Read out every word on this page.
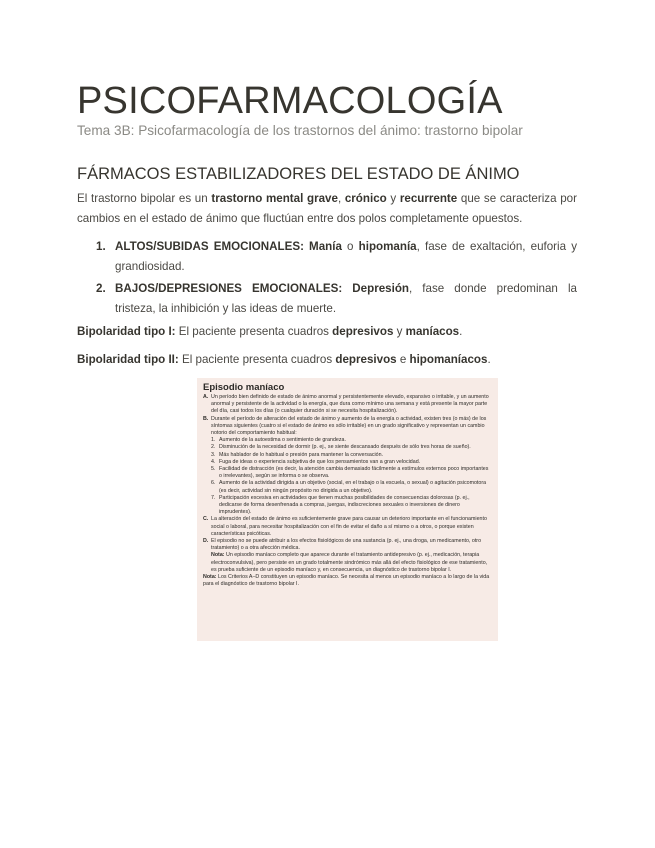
PSICOFARMACOLOGÍA

Tema 3B: Psicofarmacología de los trastornos del ánimo: trastorno bipolar

FÁRMACOS ESTABILIZADORES DEL ESTADO DE ÁNIMO

El trastorno bipolar es un trastorno mental grave, crónico y recurrente que se caracteriza por cambios en el estado de ánimo que fluctúan entre dos polos completamente opuestos.

1. ALTOS/SUBIDAS EMOCIONALES: Manía o hipomanía, fase de exaltación, euforia y grandiosidad.
2. BAJOS/DEPRESIONES EMOCIONALES: Depresión, fase donde predominan la tristeza, la inhibición y las ideas de muerte.

Bipolaridad tipo I: El paciente presenta cuadros depresivos y maníacos.

Bipolaridad tipo II: El paciente presenta cuadros depresivos e hipomaníacos.

Episodio maníaco

A. Un período bien definido de estado de ánimo anormal y persistentemente elevado, expansivo o irritable, y un aumento anormal y persistente de la actividad o la energía, que dura como mínimo una semana y está presente la mayor parte del día, casi todos los días (o cualquier duración si se necesita hospitalización).

B. Durante el período de alteración del estado de ánimo y aumento de la energía o actividad, existen tres (o más) de los síntomas siguientes (cuatro si el estado de ánimo es sólo irritable) en un grado significativo y representan un cambio notorio del comportamiento habitual:

1. Aumento de la autoestima o sentimiento de grandeza.

2. Disminución de la necesidad de dormir (p. ej., se siente descansado después de sólo tres horas de sueño).

3. Más hablador de lo habitual o presión para mantener la conversación.

4. Fuga de ideas o experiencia subjetiva de que los pensamientos van a gran velocidad.

5. Facilidad de distracción (es decir, la atención cambia demasiado fácilmente a estímulos externos poco importantes o irrelevantes), según se informa o se observa.

6. Aumento de la actividad dirigida a un objetivo (social, en el trabajo o la escuela, o sexual) o agitación psicomotora (es decir, actividad sin ningún propósito no dirigida a un objetivo).

7. Participación excesiva en actividades que tienen muchas posibilidades de consecuencias dolorosas (p. ej., dedicarse de forma desenfrenada a compras, juergas, indiscreciones sexuales o inversiones de dinero imprudentes).

C. La alteración del estado de ánimo es suficientemente grave para causar un deterioro importante en el funcionamiento social o laboral, para necesitar hospitalización con el fin de evitar el daño a sí mismo o a otros, o porque existen características psicóticas.

D. El episodio no se puede atribuir a los efectos fisiológicos de una sustancia (p. ej., una droga, un medicamento, otro tratamiento) o a otra afección médica.

Nota: Un episodio maníaco completo que aparece durante el tratamiento antidepresivo (p. ej., medicación, terapia electroconvulsiva), pero persiste en un grado totalmente sindrómico más allá del efecto fisiológico de ese tratamiento, es prueba suficiente de un episodio maníaco y, en consecuencia, un diagnóstico de trastorno bipolar I.

Nota: Los Criterios A–D constituyen un episodio maníaco. Se necesita al menos un episodio maníaco a lo largo de la vida para el diagnóstico de trastorno bipolar I.
